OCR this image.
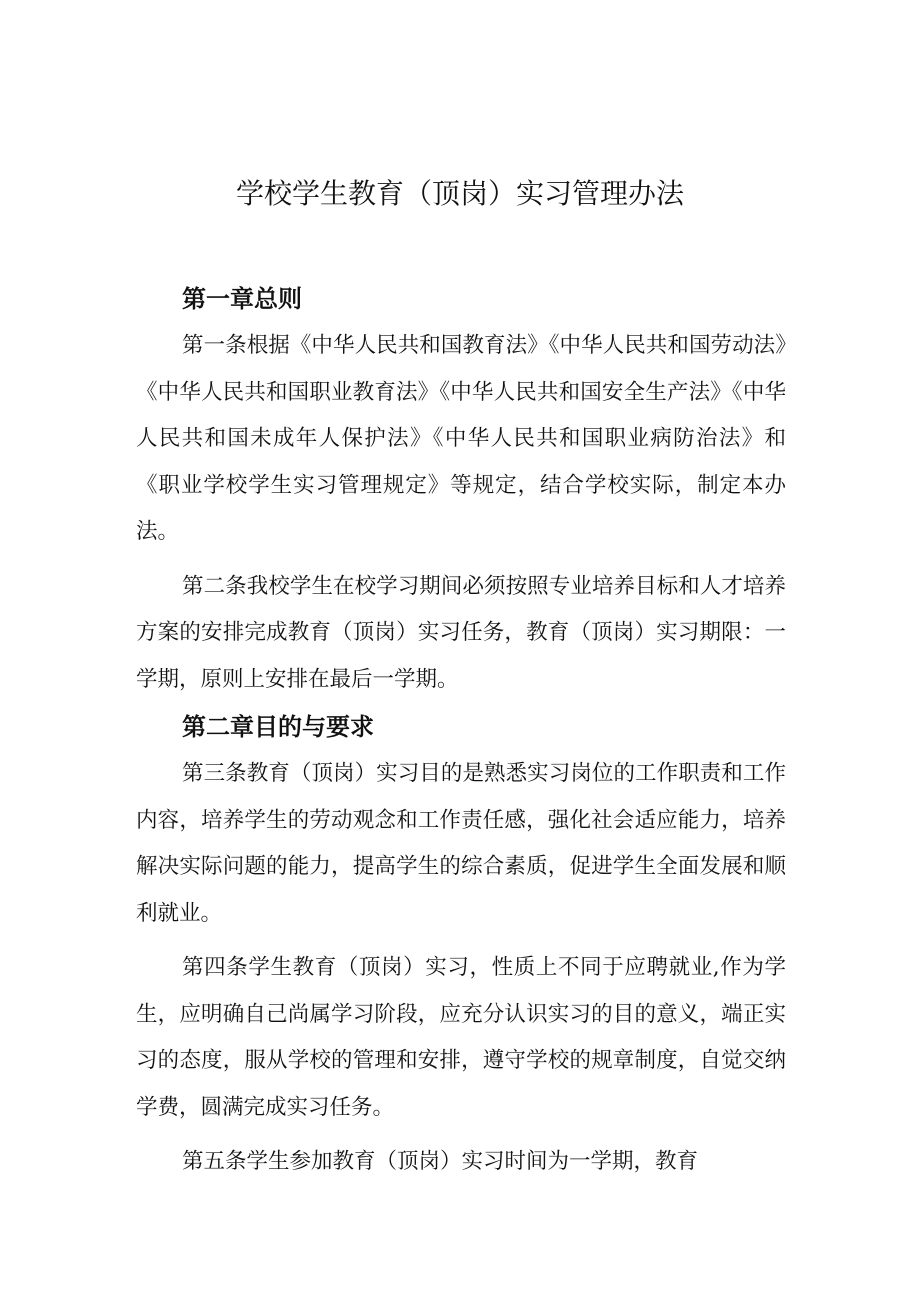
学校学生教育（顶岗）实习管理办法
第一章总则

第一条根据《中华人民共和国教育法》《中华人民共和国劳动法》《中华人民共和国职业教育法》《中华人民共和国安全生产法》《中华人民共和国未成年人保护法》《中华人民共和国职业病防治法》和《职业学校学生实习管理规定》等规定，结合学校实际，制定本办法。

第二条我校学生在校学习期间必须按照专业培养目标和人才培养方案的安排完成教育（顶岗）实习任务，教育（顶岗）实习期限：一学期，原则上安排在最后一学期。

第二章目的与要求

第三条教育（顶岗）实习目的是熟悉实习岗位的工作职责和工作内容，培养学生的劳动观念和工作责任感，强化社会适应能力，培养解决实际问题的能力，提高学生的综合素质，促进学生全面发展和顺利就业。

第四条学生教育（顶岗）实习，性质上不同于应聘就业,作为学生，应明确自己尚属学习阶段，应充分认识实习的目的意义，端正实习的态度，服从学校的管理和安排，遵守学校的规章制度，自觉交纳学费，圆满完成实习任务。

第五条学生参加教育（顶岗）实习时间为一学期，教育
